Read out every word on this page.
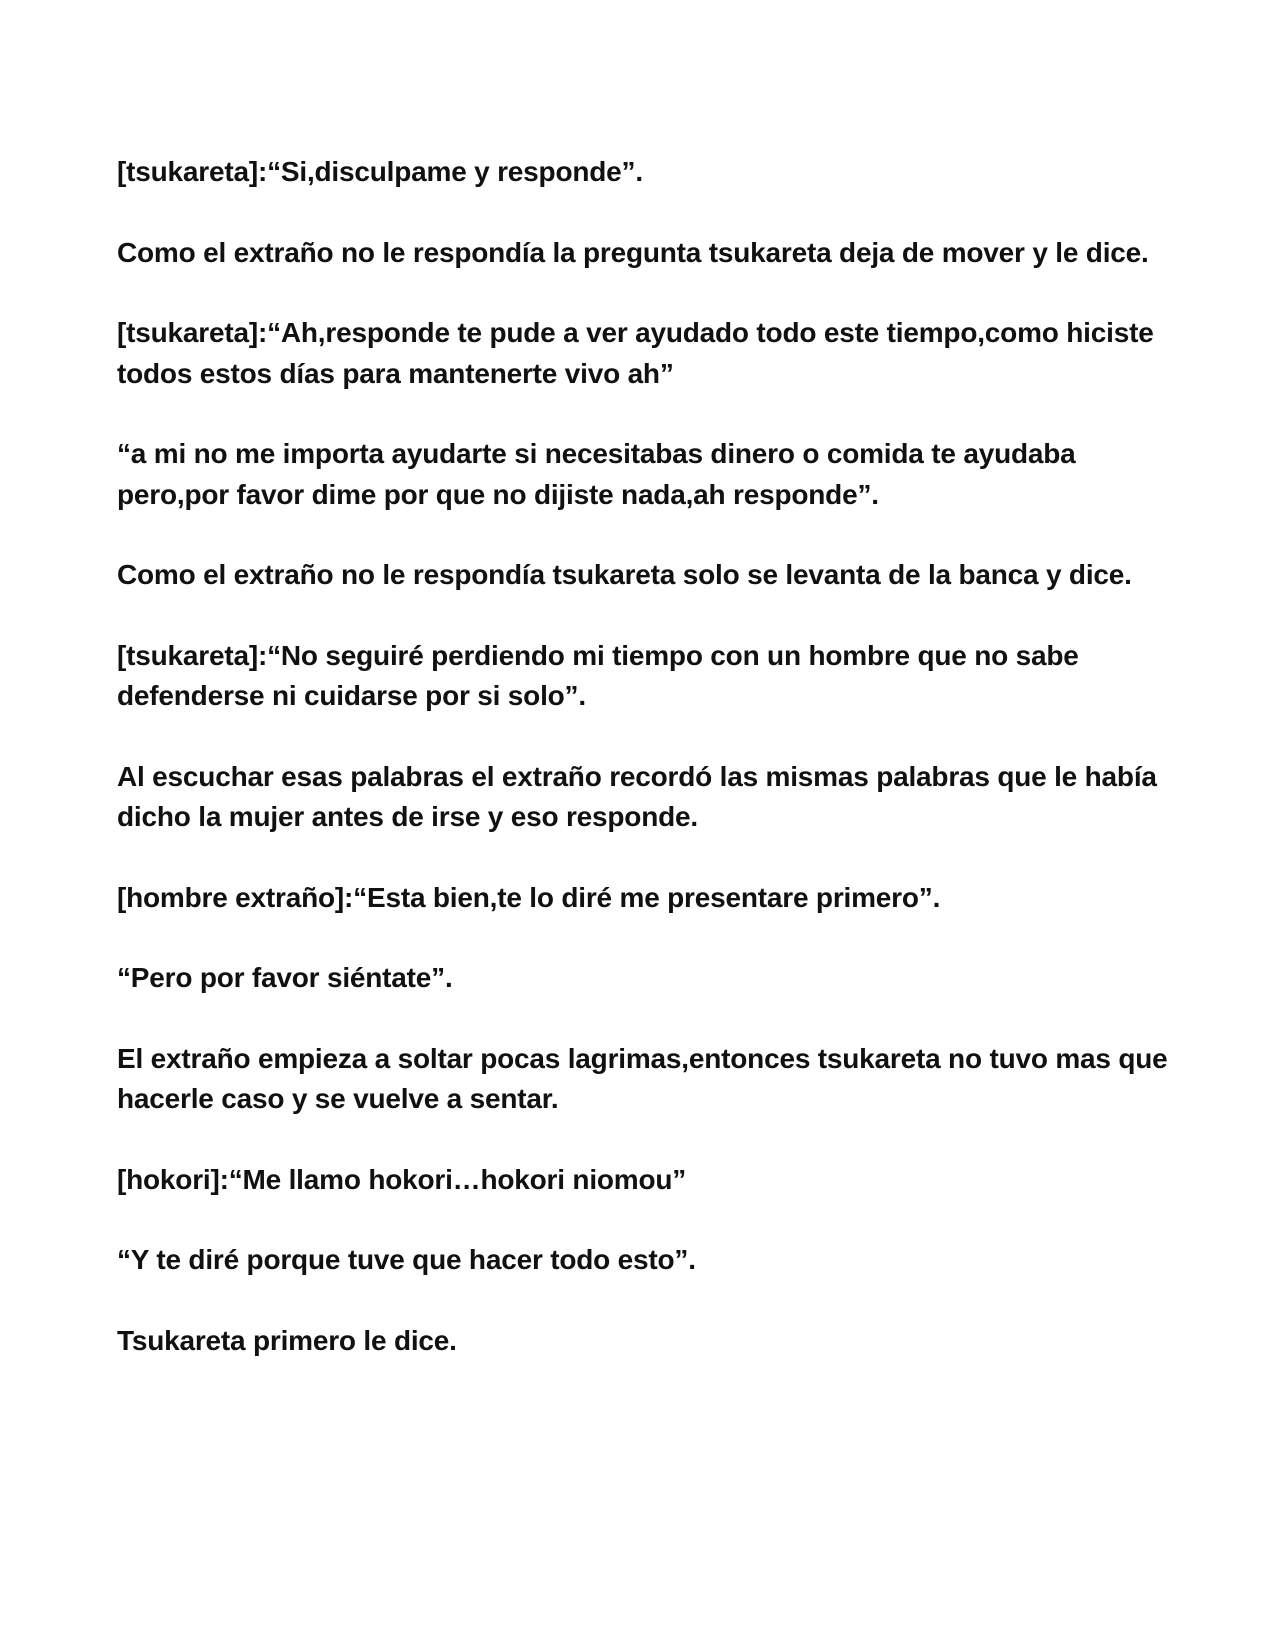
[tsukareta]:“Si,disculpame y responde”.

Como el extraño no le respondía la pregunta tsukareta deja de mover y le dice.

[tsukareta]:“Ah,responde te pude a ver ayudado todo este tiempo,como hiciste todos estos días para mantenerte vivo ah”

“a mi no me importa ayudarte si necesitabas dinero o comida te ayudaba pero,por favor dime por que no dijiste nada,ah responde”.

Como el extraño no le respondía tsukareta solo se levanta de la banca y dice.

[tsukareta]:“No seguiré perdiendo mi tiempo con un hombre que no sabe defenderse ni cuidarse por si solo”.

Al escuchar esas palabras el extraño recordó las mismas palabras que le había dicho la mujer antes de irse y eso responde.

[hombre extraño]:“Esta bien,te lo diré me presentare primero”.

“Pero por favor siéntate”.

El extraño empieza a soltar pocas lagrimas,entonces tsukareta no tuvo mas que hacerle caso y se vuelve a sentar.

[hokori]:“Me llamo hokori…hokori niomou”

“Y te diré porque tuve que hacer todo esto”.

Tsukareta primero le dice.
